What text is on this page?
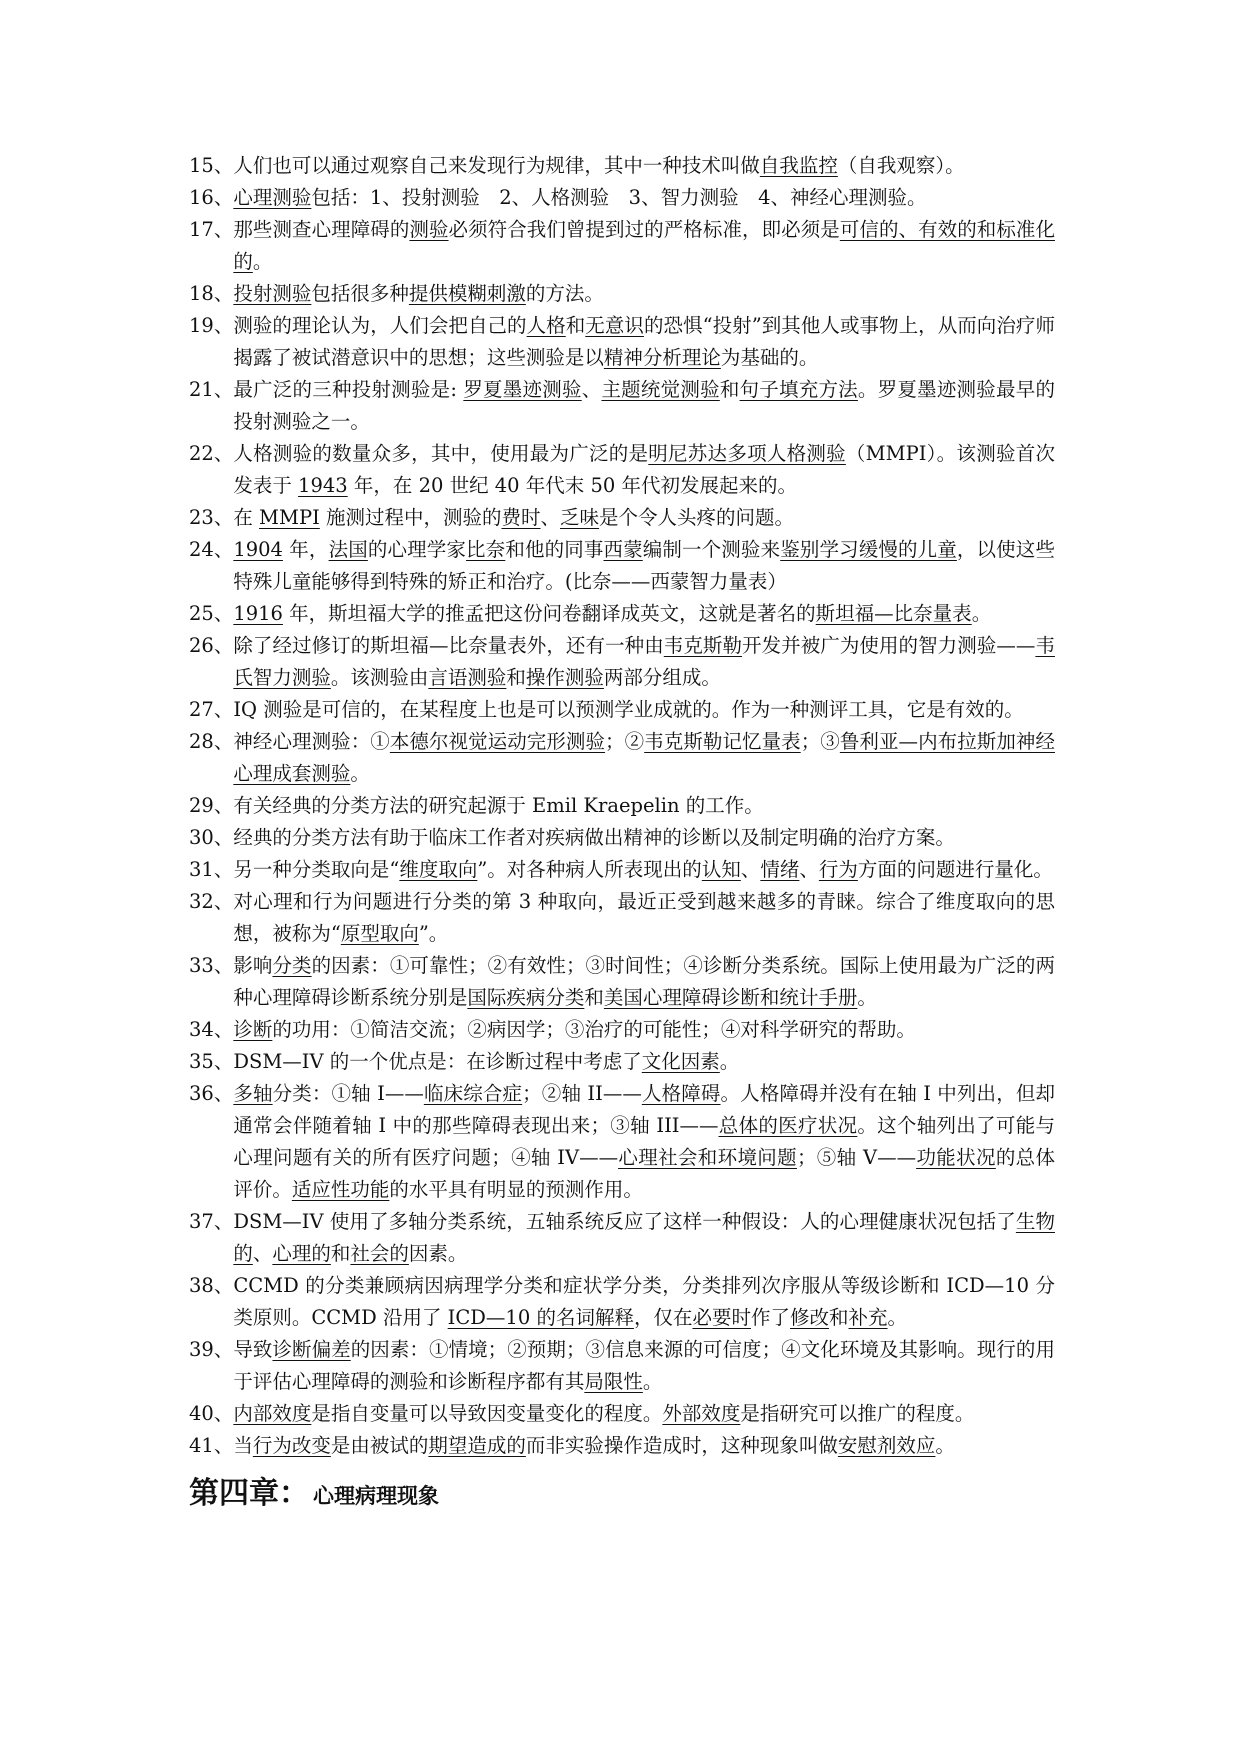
15、 人们也可以通过观察自己来发现行为规律，其中一种技术叫做自我监控（自我观察）。
16、 心理测验包括：1、投射测验　2、人格测验　3、智力测验　4、神经心理测验。
17、 那些测查心理障碍的测验必须符合我们曾提到过的严格标准，即必须是可信的、有效的和标准化的。
18、 投射测验包括很多种提供模糊刺激的方法。
19、 测验的理论认为，人们会把自己的人格和无意识的恐惧“投射”到其他人或事物上，从而向治疗师揭露了被试潜意识中的思想；这些测验是以精神分析理论为基础的。
21、 最广泛的三种投射测验是: 罗夏墨迹测验、主题统觉测验和句子填充方法。罗夏墨迹测验最早的投射测验之一。
22、 人格测验的数量众多，其中，使用最为广泛的是明尼苏达多项人格测验（MMPI）。该测验首次发表于 1943 年，在 20 世纪 40 年代末 50 年代初发展起来的。
23、 在 MMPI 施测过程中，测验的费时、乏味是个令人头疼的问题。
24、 1904 年，法国的心理学家比奈和他的同事西蒙编制一个测验来鉴别学习缓慢的儿童，以使这些特殊儿童能够得到特殊的矫正和治疗。(比奈——西蒙智力量表）
25、 1916 年，斯坦福大学的推孟把这份问卷翻译成英文，这就是著名的斯坦福—比奈量表。
26、 除了经过修订的斯坦福—比奈量表外，还有一种由韦克斯勒开发并被广为使用的智力测验——韦氏智力测验。该测验由言语测验和操作测验两部分组成。
27、 IQ 测验是可信的，在某程度上也是可以预测学业成就的。作为一种测评工具，它是有效的。
28、 神经心理测验：①本德尔视觉运动完形测验；②韦克斯勒记忆量表；③鲁利亚—内布拉斯加神经心理成套测验。
29、 有关经典的分类方法的研究起源于 Emil Kraepelin 的工作。
30、 经典的分类方法有助于临床工作者对疾病做出精神的诊断以及制定明确的治疗方案。
31、 另一种分类取向是“维度取向”。对各种病人所表现出的认知、情绪、行为方面的问题进行量化。
32、 对心理和行为问题进行分类的第 3 种取向，最近正受到越来越多的青睐。综合了维度取向的思想，被称为“原型取向”。
33、 影响分类的因素：①可靠性；②有效性；③时间性；④诊断分类系统。国际上使用最为广泛的两种心理障碍诊断系统分别是国际疾病分类和美国心理障碍诊断和统计手册。
34、 诊断的功用：①简洁交流；②病因学；③治疗的可能性；④对科学研究的帮助。
35、 DSM—IV 的一个优点是：在诊断过程中考虑了文化因素。
36、 多轴分类：①轴 I——临床综合症；②轴 II——人格障碍。人格障碍并没有在轴 I 中列出，但却通常会伴随着轴 I 中的那些障碍表现出来；③轴 III——总体的医疗状况。这个轴列出了可能与心理问题有关的所有医疗问题；④轴 IV——心理社会和环境问题；⑤轴 V——功能状况的总体评价。适应性功能的水平具有明显的预测作用。
37、 DSM—IV 使用了多轴分类系统，五轴系统反应了这样一种假设：人的心理健康状况包括了生物的、心理的和社会的因素。
38、 CCMD 的分类兼顾病因病理学分类和症状学分类，分类排列次序服从等级诊断和 ICD—10 分类原则。CCMD 沿用了 ICD—10 的名词解释，仅在必要时作了修改和补充。
39、 导致诊断偏差的因素：①情境；②预期；③信息来源的可信度；④文化环境及其影响。现行的用于评估心理障碍的测验和诊断程序都有其局限性。
40、 内部效度是指自变量可以导致因变量变化的程度。外部效度是指研究可以推广的程度。
41、 当行为改变是由被试的期望造成的而非实验操作造成时，这种现象叫做安慰剂效应。
第四章： 心理病理现象
